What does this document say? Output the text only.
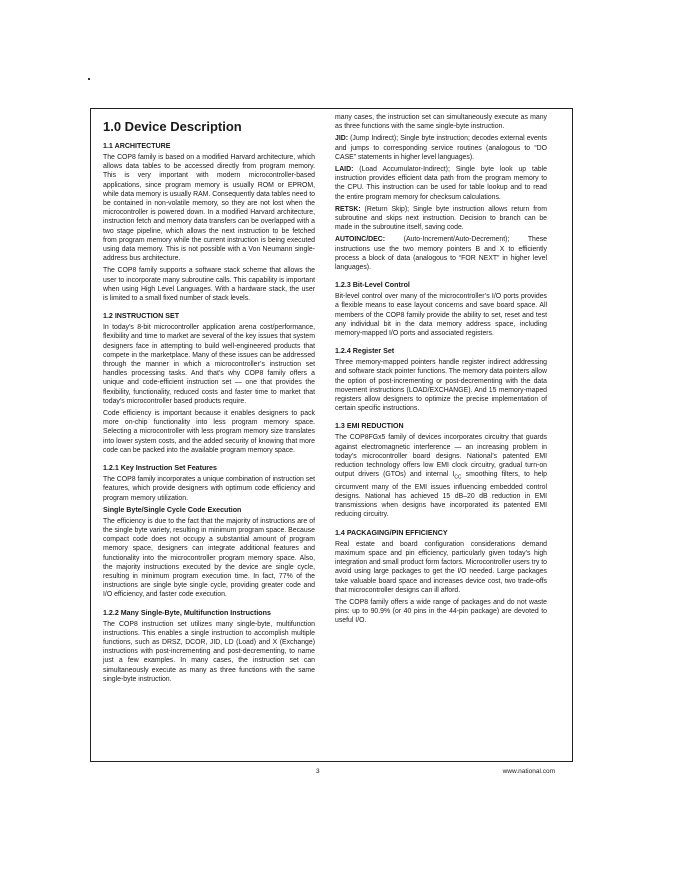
1.0 Device Description
1.1 ARCHITECTURE

The COP8 family is based on a modified Harvard architecture, which allows data tables to be accessed directly from program memory. This is very important with modern microcontroller-based applications, since program memory is usually ROM or EPROM, while data memory is usually RAM. Consequently data tables need to be contained in non-volatile memory, so they are not lost when the microcontroller is powered down. In a modified Harvard architecture, instruction fetch and memory data transfers can be overlapped with a two stage pipeline, which allows the next instruction to be fetched from program memory while the current instruction is being executed using data memory. This is not possible with a Von Neumann single-address bus architecture.

The COP8 family supports a software stack scheme that allows the user to incorporate many subroutine calls. This capability is important when using High Level Languages. With a hardware stack, the user is limited to a small fixed number of stack levels.

1.2 INSTRUCTION SET

In today’s 8-bit microcontroller application arena cost/performance, flexibility and time to market are several of the key issues that system designers face in attempting to build well-engineered products that compete in the marketplace. Many of these issues can be addressed through the manner in which a microcontroller’s instruction set handles processing tasks. And that’s why COP8 family offers a unique and code-efficient instruction set — one that provides the flexibility, functionality, reduced costs and faster time to market that today’s microcontroller based products require.

Code efficiency is important because it enables designers to pack more on-chip functionality into less program memory space. Selecting a microcontroller with less program memory size translates into lower system costs, and the added security of knowing that more code can be packed into the available program memory space.

1.2.1 Key Instruction Set Features

The COP8 family incorporates a unique combination of instruction set features, which provide designers with optimum code efficiency and program memory utilization.

Single Byte/Single Cycle Code Execution

The efficiency is due to the fact that the majority of instructions are of the single byte variety, resulting in minimum program space. Because compact code does not occupy a substantial amount of program memory space, designers can integrate additional features and functionality into the microcontroller program memory space. Also, the majority instructions executed by the device are single cycle, resulting in minimum program execution time. In fact, 77% of the instructions are single byte single cycle, providing greater code and I/O efficiency, and faster code execution.

1.2.2 Many Single-Byte, Multifunction Instructions

The COP8 instruction set utilizes many single-byte, multifunction instructions. This enables a single instruction to accomplish multiple functions, such as DRSZ, DCOR, JID, LD (Load) and X (Exchange) instructions with post-incrementing and post-decrementing, to name just a few examples. In many cases, the instruction set can simultaneously execute as many as three functions with the same single-byte instruction.

many cases, the instruction set can simultaneously execute as many as three functions with the same single-byte instruction.

JID: (Jump Indirect); Single byte instruction; decodes external events and jumps to corresponding service routines (analogous to “DO CASE” statements in higher level languages).

LAID: (Load Accumulator-Indirect); Single byte look up table instruction provides efficient data path from the program memory to the CPU. This instruction can be used for table lookup and to read the entire program memory for checksum calculations.

RETSK: (Return Skip); Single byte instruction allows return from subroutine and skips next instruction. Decision to branch can be made in the subroutine itself, saving code.

AUTOINC/DEC: (Auto-Increment/Auto-Decrement); These instructions use the two memory pointers B and X to efficiently process a block of data (analogous to “FOR NEXT” in higher level languages).

1.2.3 Bit-Level Control

Bit-level control over many of the microcontroller’s I/O ports provides a flexible means to ease layout concerns and save board space. All members of the COP8 family provide the ability to set, reset and test any individual bit in the data memory address space, including memory-mapped I/O ports and associated registers.

1.2.4 Register Set

Three memory-mapped pointers handle register indirect addressing and software stack pointer functions. The memory data pointers allow the option of post-incrementing or post-decrementing with the data movement instructions (LOAD/EXCHANGE). And 15 memory-maped registers allow designers to optimize the precise implementation of certain specific instructions.

1.3 EMI REDUCTION

The COP8FGx5 family of devices incorporates circuitry that guards against electromagnetic interference — an increasing problem in today’s microcontroller board designs. National’s patented EMI reduction technology offers low EMI clock circuitry, gradual turn-on output drivers (GTOs) and internal $I_{CC}$ smoothing filters, to help circumvent many of the EMI issues influencing embedded control designs. National has achieved 15 dB–20 dB reduction in EMI transmissions when designs have incorporated its patented EMI reducing circuitry.

1.4 PACKAGING/PIN EFFICIENCY

Real estate and board configuration considerations demand maximum space and pin efficiency, particularly given today’s high integration and small product form factors. Microcontroller users try to avoid using large packages to get the I/O needed. Large packages take valuable board space and increases device cost, two trade-offs that microcontroller designs can ill afford.

The COP8 family offers a wide range of packages and do not waste pins: up to 90.9% (or 40 pins in the 44-pin package) are devoted to useful I/O.

3	www.national.com
